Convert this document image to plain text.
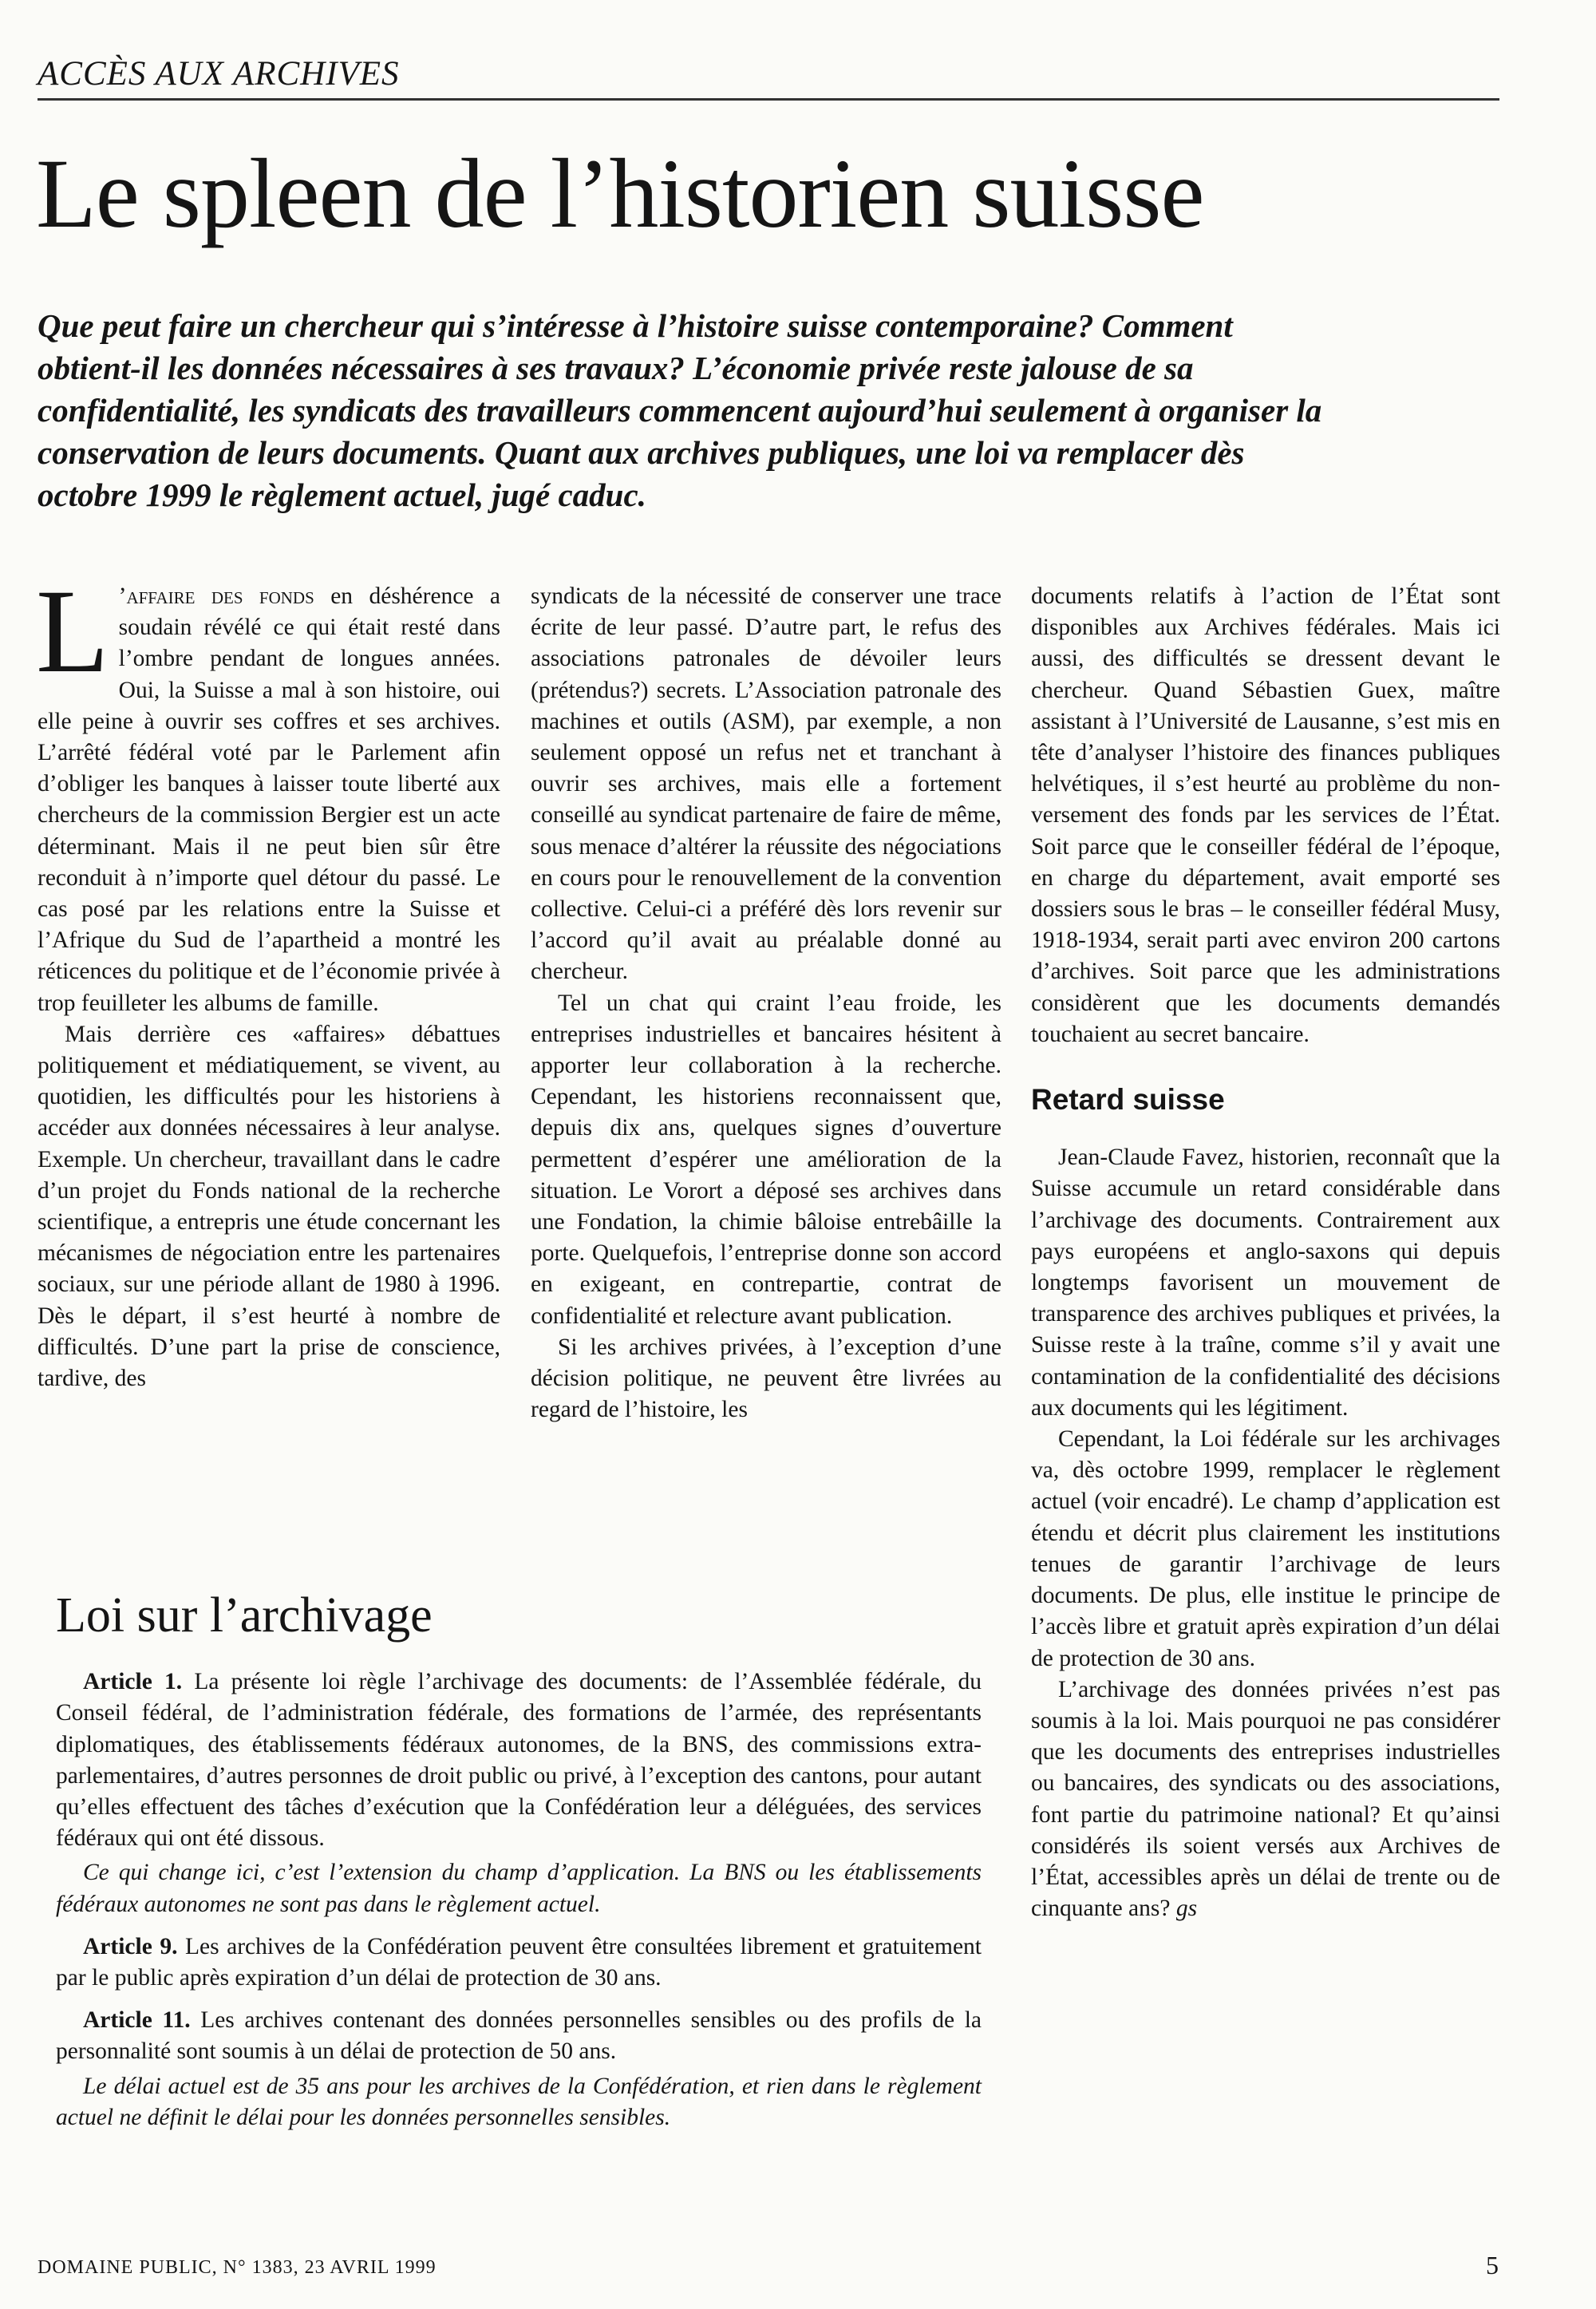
ACCÈS AUX ARCHIVES
Le spleen de l’historien suisse
Que peut faire un chercheur qui s’intéresse à l’histoire suisse contemporaine? Comment obtient-il les données nécessaires à ses travaux? L’économie privée reste jalouse de sa confidentialité, les syndicats des travailleurs commencent aujourd’hui seulement à organiser la conservation de leurs documents. Quant aux archives publiques, une loi va remplacer dès octobre 1999 le règlement actuel, jugé caduc.

L ’affaire des fonds en déshérence a soudain révélé ce qui était resté dans l’ombre pendant de longues années. Oui, la Suisse a mal à son histoire, oui elle peine à ouvrir ses coffres et ses archives. L’arrêté fédéral voté par le Parlement afin d’obliger les banques à laisser toute liberté aux chercheurs de la commission Bergier est un acte déterminant. Mais il ne peut bien sûr être reconduit à n’importe quel détour du passé. Le cas posé par les relations entre la Suisse et l’Afrique du Sud de l’apartheid a montré les réticences du politique et de l’économie privée à trop feuilleter les albums de famille.

Mais derrière ces «affaires» débattues politiquement et médiatiquement, se vivent, au quotidien, les difficultés pour les historiens à accéder aux données nécessaires à leur analyse. Exemple. Un chercheur, travaillant dans le cadre d’un projet du Fonds national de la recherche scientifique, a entrepris une étude concernant les mécanismes de négociation entre les partenaires sociaux, sur une période allant de 1980 à 1996. Dès le départ, il s’est heurté à nombre de difficultés. D’une part la prise de conscience, tardive, des

syndicats de la nécessité de conserver une trace écrite de leur passé. D’autre part, le refus des associations patronales de dévoiler leurs (prétendus?) secrets. L’Association patronale des machines et outils (ASM), par exemple, a non seulement opposé un refus net et tranchant à ouvrir ses archives, mais elle a fortement conseillé au syndicat partenaire de faire de même, sous menace d’altérer la réussite des négociations en cours pour le renouvellement de la convention collective. Celui-ci a préféré dès lors revenir sur l’accord qu’il avait au préalable donné au chercheur.

Tel un chat qui craint l’eau froide, les entreprises industrielles et bancaires hésitent à apporter leur collaboration à la recherche. Cependant, les historiens reconnaissent que, depuis dix ans, quelques signes d’ouverture permettent d’espérer une amélioration de la situation. Le Vorort a déposé ses archives dans une Fondation, la chimie bâloise entrebâille la porte. Quelquefois, l’entreprise donne son accord en exigeant, en contrepartie, contrat de confidentialité et relecture avant publication.

Si les archives privées, à l’exception d’une décision politique, ne peuvent être livrées au regard de l’histoire, les

documents relatifs à l’action de l’État sont disponibles aux Archives fédérales. Mais ici aussi, des difficultés se dressent devant le chercheur. Quand Sébastien Guex, maître assistant à l’Université de Lausanne, s’est mis en tête d’analyser l’histoire des finances publiques helvétiques, il s’est heurté au problème du non-versement des fonds par les services de l’État. Soit parce que le conseiller fédéral de l’époque, en charge du département, avait emporté ses dossiers sous le bras – le conseiller fédéral Musy, 1918-1934, serait parti avec environ 200 cartons d’archives. Soit parce que les administrations considèrent que les documents demandés touchaient au secret bancaire.

Retard suisse

Jean-Claude Favez, historien, reconnaît que la Suisse accumule un retard considérable dans l’archivage des documents. Contrairement aux pays européens et anglo-saxons qui depuis longtemps favorisent un mouvement de transparence des archives publiques et privées, la Suisse reste à la traîne, comme s’il y avait une contamination de la confidentialité des décisions aux documents qui les légitiment.

Cependant, la Loi fédérale sur les archivages va, dès octobre 1999, remplacer le règlement actuel (voir encadré). Le champ d’application est étendu et décrit plus clairement les institutions tenues de garantir l’archivage de leurs documents. De plus, elle institue le principe de l’accès libre et gratuit après expiration d’un délai de protection de 30 ans.

L’archivage des données privées n’est pas soumis à la loi. Mais pourquoi ne pas considérer que les documents des entreprises industrielles ou bancaires, des syndicats ou des associations, font partie du patrimoine national? Et qu’ainsi considérés ils soient versés aux Archives de l’État, accessibles après un délai de trente ou de cinquante ans? gs

Loi sur l’archivage

Article 1. La présente loi règle l’archivage des documents: de l’Assemblée fédérale, du Conseil fédéral, de l’administration fédérale, des formations de l’armée, des représentants diplomatiques, des établissements fédéraux autonomes, de la BNS, des commissions extra-parlementaires, d’autres personnes de droit public ou privé, à l’exception des cantons, pour autant qu’elles effectuent des tâches d’exécution que la Confédération leur a déléguées, des services fédéraux qui ont été dissous.

Ce qui change ici, c’est l’extension du champ d’application. La BNS ou les établissements fédéraux autonomes ne sont pas dans le règlement actuel.

Article 9. Les archives de la Confédération peuvent être consultées librement et gratuitement par le public après expiration d’un délai de protection de 30 ans.

Article 11. Les archives contenant des données personnelles sensibles ou des profils de la personnalité sont soumis à un délai de protection de 50 ans.

Le délai actuel est de 35 ans pour les archives de la Confédération, et rien dans le règlement actuel ne définit le délai pour les données personnelles sensibles.

DOMAINE PUBLIC, N° 1383, 23 AVRIL 1999	5
